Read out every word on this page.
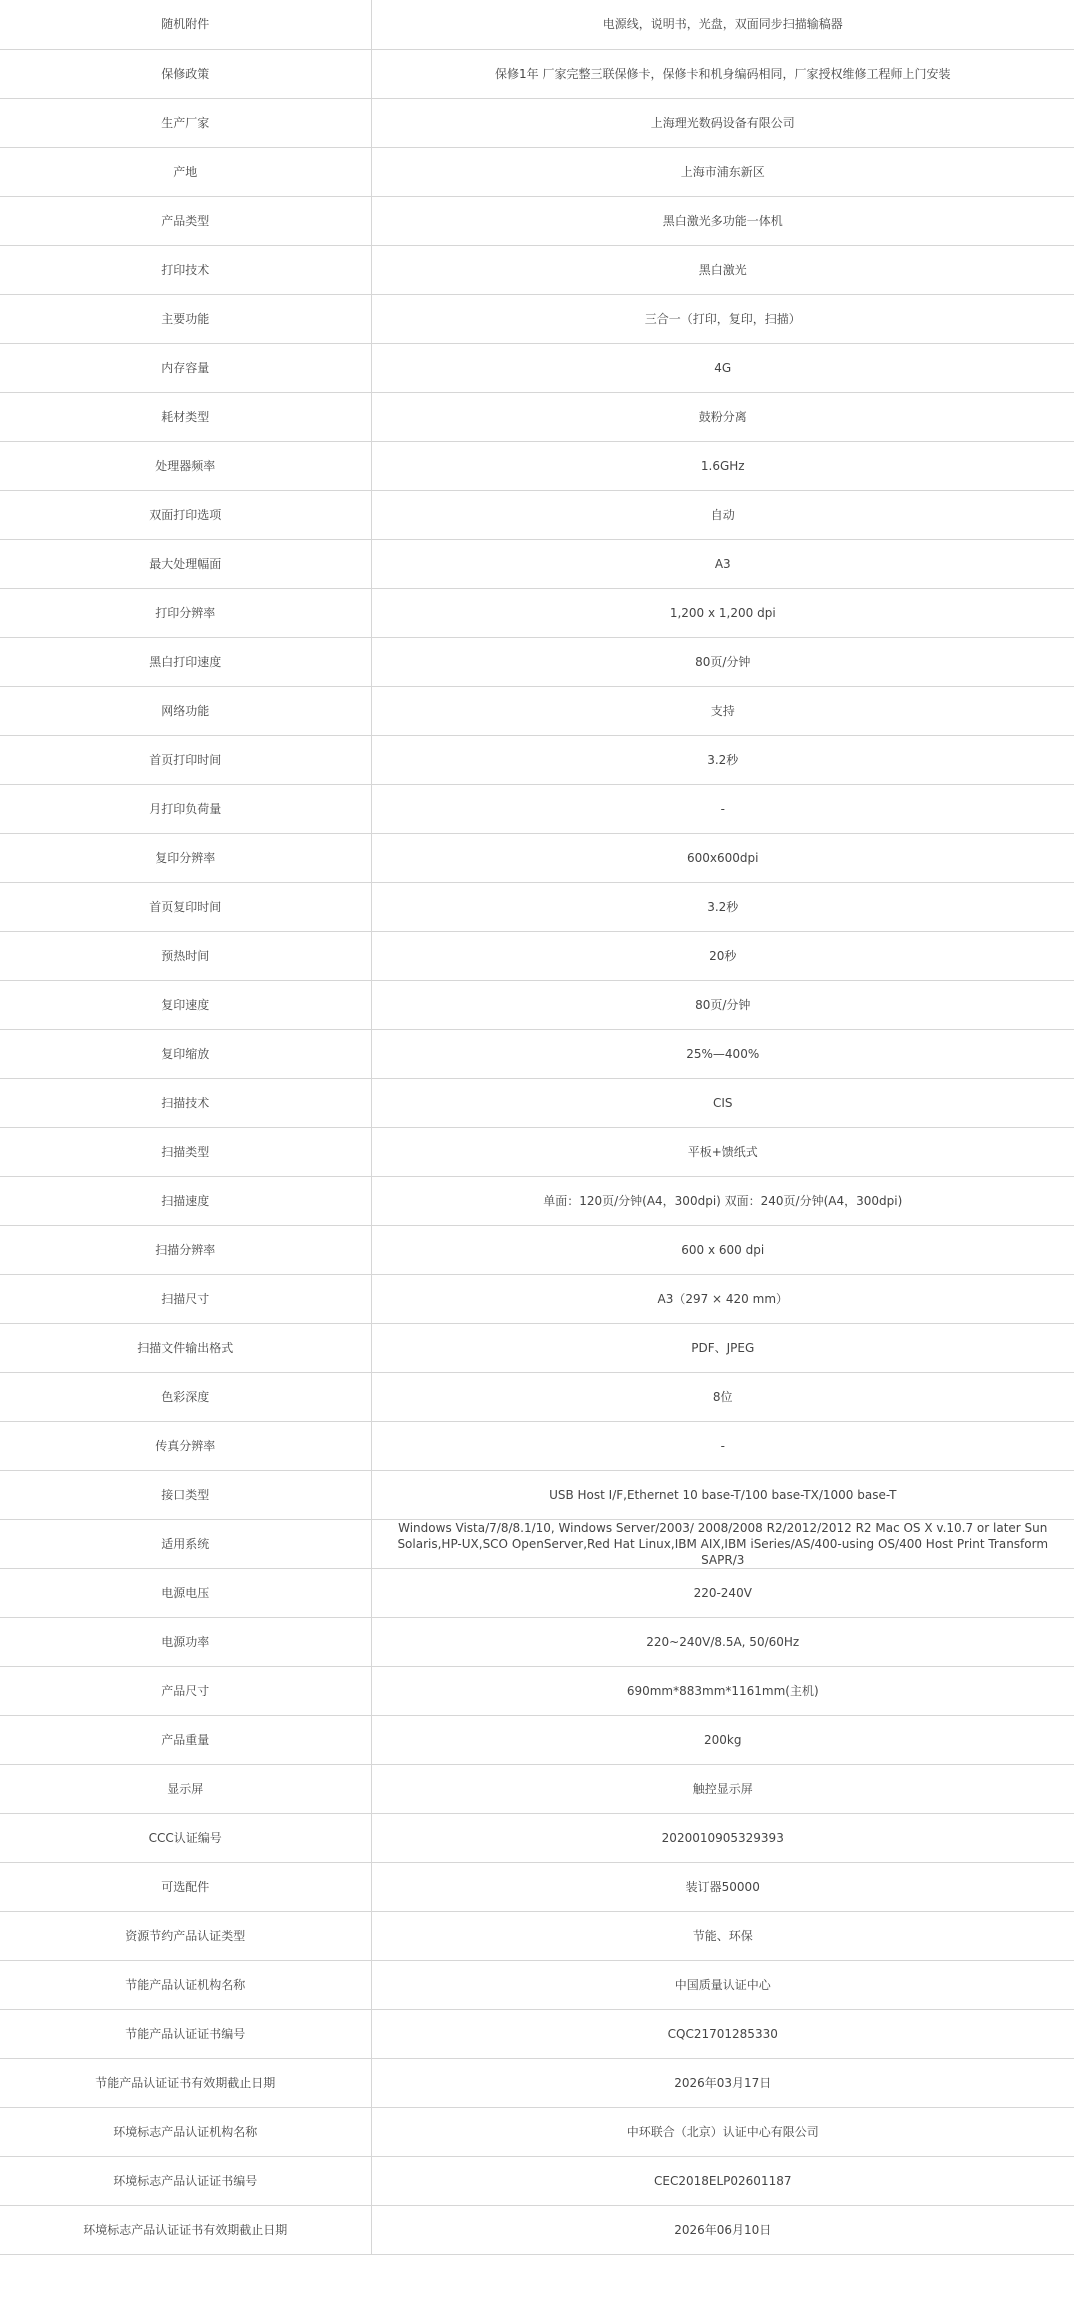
随机附件	电源线，说明书，光盘，双面同步扫描输稿器
保修政策	保修1年 厂家完整三联保修卡，保修卡和机身编码相同，厂家授权维修工程师上门安装
生产厂家	上海理光数码设备有限公司
产地	上海市浦东新区
产品类型	黑白激光多功能一体机
打印技术	黑白激光
主要功能	三合一（打印，复印，扫描）
内存容量	4G
耗材类型	鼓粉分离
处理器频率	1.6GHz
双面打印选项	自动
最大处理幅面	A3
打印分辨率	1,200 x 1,200 dpi
黑白打印速度	80页/分钟
网络功能	支持
首页打印时间	3.2秒
月打印负荷量	-
复印分辨率	600x600dpi
首页复印时间	3.2秒
预热时间	20秒
复印速度	80页/分钟
复印缩放	25%—400%
扫描技术	CIS
扫描类型	平板+馈纸式
扫描速度	单面：120页/分钟(A4，300dpi) 双面：240页/分钟(A4，300dpi)
扫描分辨率	600 x 600 dpi
扫描尺寸	A3（297 × 420 mm）
扫描文件输出格式	PDF、JPEG
色彩深度	8位
传真分辨率	-
接口类型	USB Host I/F,Ethernet 10 base-T/100 base-TX/1000 base-T
适用系统	Windows Vista/7/8/8.1/10, Windows Server/2003/ 2008/2008 R2/2012/2012 R2 Mac OS X v.10.7 or later Sun Solaris,HP-UX,SCO OpenServer,Red Hat Linux,IBM AIX,IBM iSeries/AS/400-using OS/400 Host Print Transform SAPR/3
电源电压	220-240V
电源功率	220~240V/8.5A, 50/60Hz
产品尺寸	690mm*883mm*1161mm(主机)
产品重量	200kg
显示屏	触控显示屏
CCC认证编号	2020010905329393
可选配件	装订器50000
资源节约产品认证类型	节能、环保
节能产品认证机构名称	中国质量认证中心
节能产品认证证书编号	CQC21701285330
节能产品认证证书有效期截止日期	2026年03月17日
环境标志产品认证机构名称	中环联合（北京）认证中心有限公司
环境标志产品认证证书编号	CEC2018ELP02601187
环境标志产品认证证书有效期截止日期	2026年06月10日
